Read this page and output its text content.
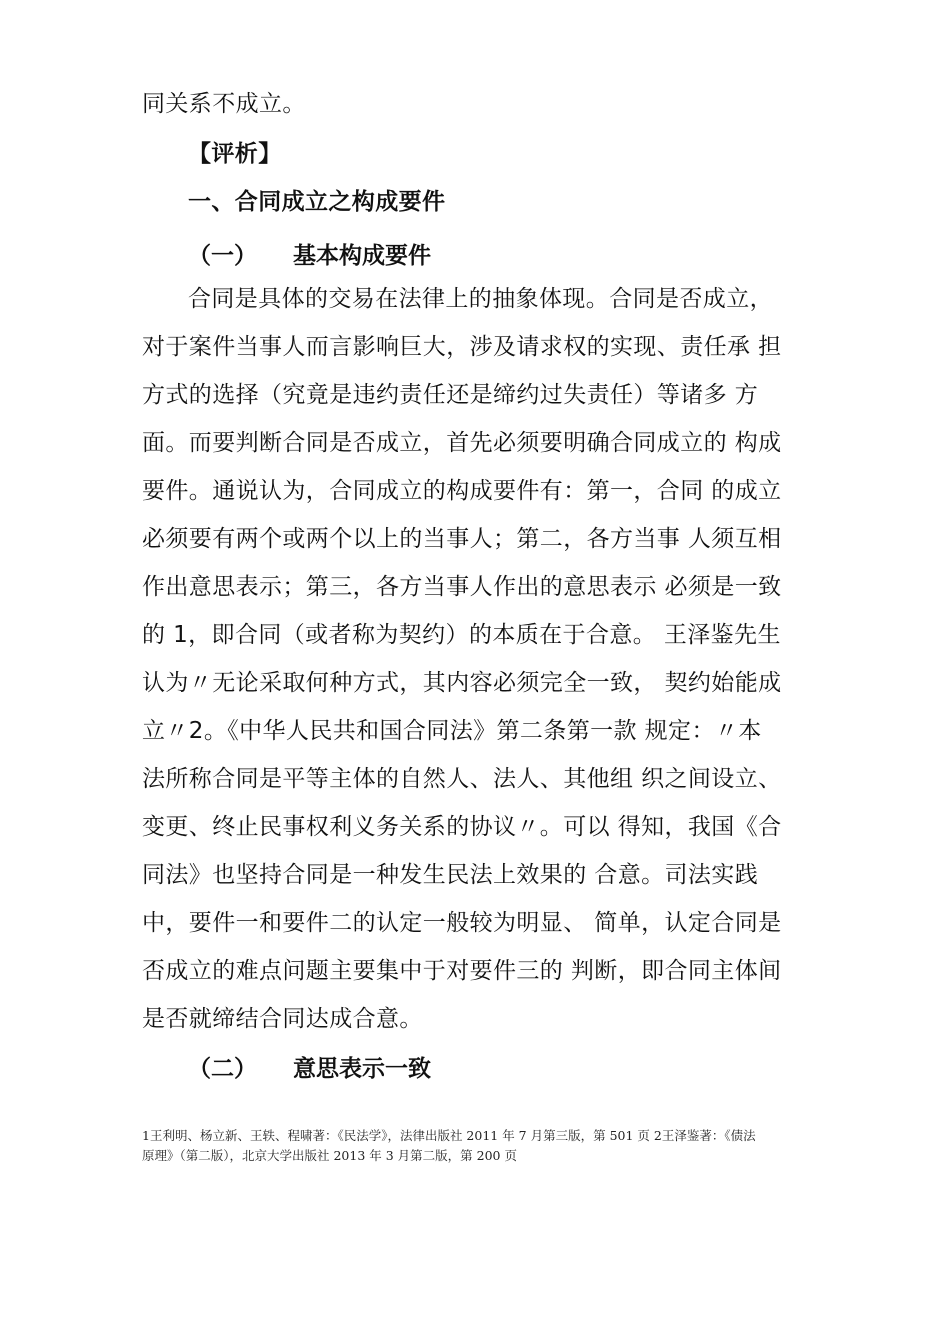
同关系不成立。
【评析】
一、合同成立之构成要件
（一） 基本构成要件
合同是具体的交易在法律上的抽象体现。合同是否成立，
对于案件当事人而言影响巨大，涉及请求权的实现、责任承 担
方式的选择（究竟是违约责任还是缔约过失责任）等诸多 方
面。而要判断合同是否成立，首先必须要明确合同成立的 构成
要件。通说认为，合同成立的构成要件有：第一，合同 的成立
必须要有两个或两个以上的当事人；第二，各方当事 人须互相
作出意思表示；第三，各方当事人作出的意思表示 必须是一致
的 1，即合同（或者称为契约）的本质在于合意。 王泽鉴先生
认为〃无论采取何种方式，其内容必须完全一致， 契约始能成
立〃2。《中华人民共和国合同法》第二条第一款 规定：〃本
法所称合同是平等主体的自然人、法人、其他组 织之间设立、
变更、终止民事权利义务关系的协议〃。可以 得知，我国《合
同法》也坚持合同是一种发生民法上效果的 合意。司法实践
中，要件一和要件二的认定一般较为明显、 简单，认定合同是
否成立的难点问题主要集中于对要件三的 判断，即合同主体间
是否就缔结合同达成合意。
（二） 意思表示一致
1王利明、杨立新、王轶、程啸著：《民法学》，法律出版社 2011 年 7 月第三版，第 501 页 2王泽鉴著：《债法
原理》（第二版），北京大学出版社 2013 年 3 月第二版，第 200 页
